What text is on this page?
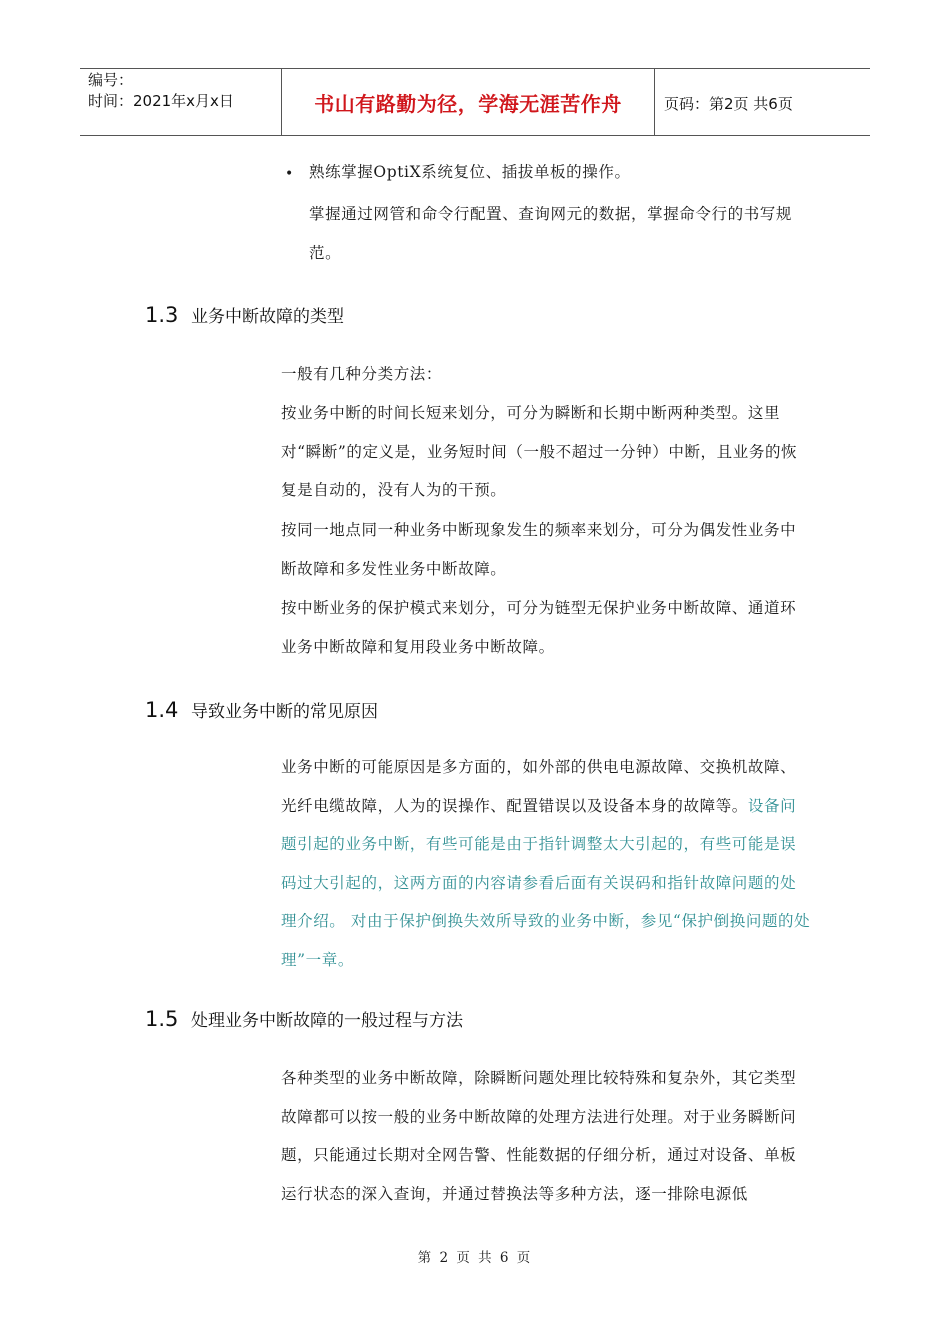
编号：
时间：2021年x月x日	书山有路勤为径，学海无涯苦作舟	页码：第2页 共6页
• 熟练掌握OptiX系统复位、插拔单板的操作。
掌握通过网管和命令行配置、查询网元的数据，掌握命令行的书写规范。
1.3 业务中断故障的类型
一般有几种分类方法：
按业务中断的时间长短来划分，可分为瞬断和长期中断两种类型。这里对“瞬断”的定义是，业务短时间（一般不超过一分钟）中断，且业务的恢复是自动的，没有人为的干预。
按同一地点同一种业务中断现象发生的频率来划分，可分为偶发性业务中断故障和多发性业务中断故障。
按中断业务的保护模式来划分，可分为链型无保护业务中断故障、通道环业务中断故障和复用段业务中断故障。
1.4 导致业务中断的常见原因
业务中断的可能原因是多方面的，如外部的供电电源故障、交换机故障、光纤电缆故障，人为的误操作、配置错误以及设备本身的故障等。设备问题引起的业务中断，有些可能是由于指针调整太大引起的，有些可能是误码过大引起的，这两方面的内容请参看后面有关误码和指针故障问题的处理介绍。 对由于保护倒换失效所导致的业务中断，参见“保护倒换问题的处理”一章。
1.5 处理业务中断故障的一般过程与方法
各种类型的业务中断故障，除瞬断问题处理比较特殊和复杂外，其它类型故障都可以按一般的业务中断故障的处理方法进行处理。对于业务瞬断问题，只能通过长期对全网告警、性能数据的仔细分析，通过对设备、单板运行状态的深入查询，并通过替换法等多种方法，逐一排除电源低
第 2 页 共 6 页
